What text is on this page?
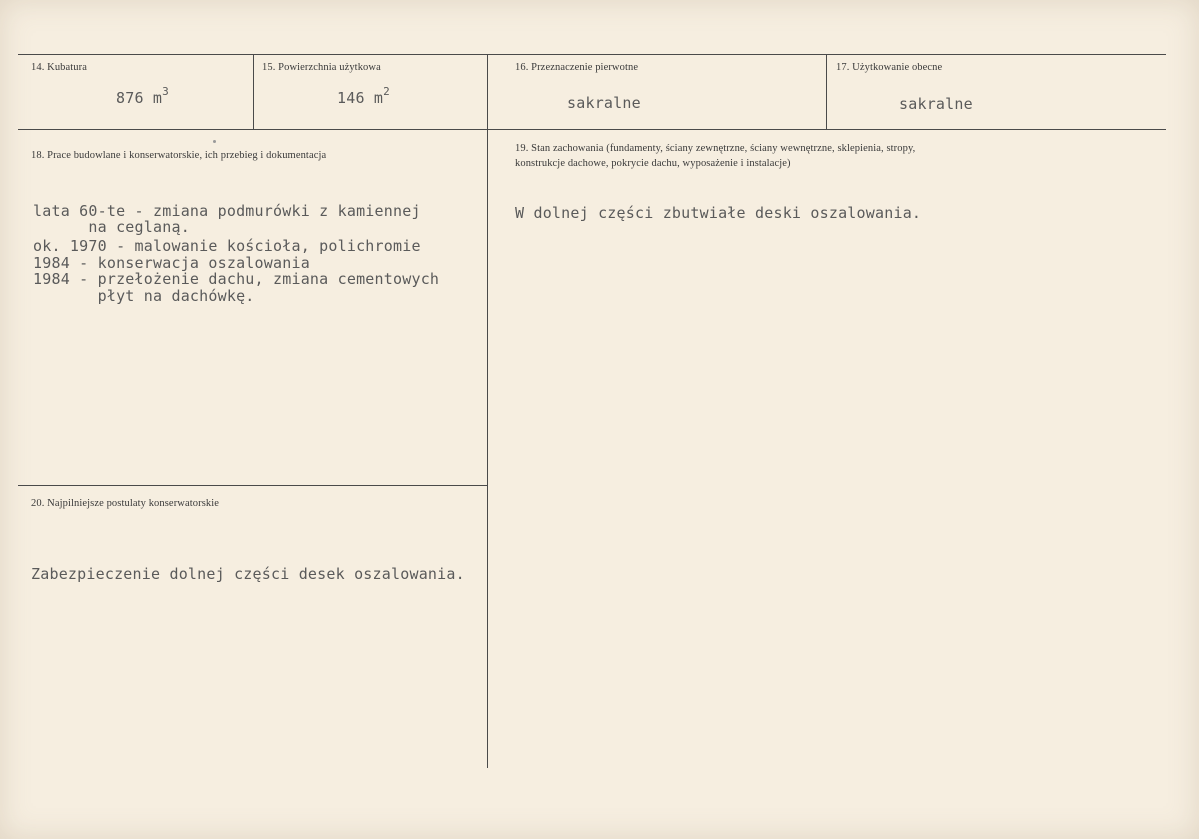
14. Kubatura
876 $m^3$
15. Powierzchnia użytkowa
146 $m^2$
16. Przeznaczenie pierwotne
sakralne
17. Użytkowanie obecne
sakralne
18. Prace budowlane i konserwatorskie, ich przebieg i dokumentacja
lata 60-te - zmiana podmurówki z kamiennej
na ceglaną.
ok. 1970 - malowanie kościoła, polichromie
1984 - konserwacja oszalowania
1984 - przełożenie dachu, zmiana cementowych
płyt na dachówkę.
19. Stan zachowania (fundamenty, ściany zewnętrzne, ściany wewnętrzne, sklepienia, stropy,
konstrukcje dachowe, pokrycie dachu, wyposażenie i instalacje)
W dolnej części zbutwiałe deski oszalowania.
20. Najpilniejsze postulaty konserwatorskie
Zabezpieczenie dolnej części desek oszalowania.
